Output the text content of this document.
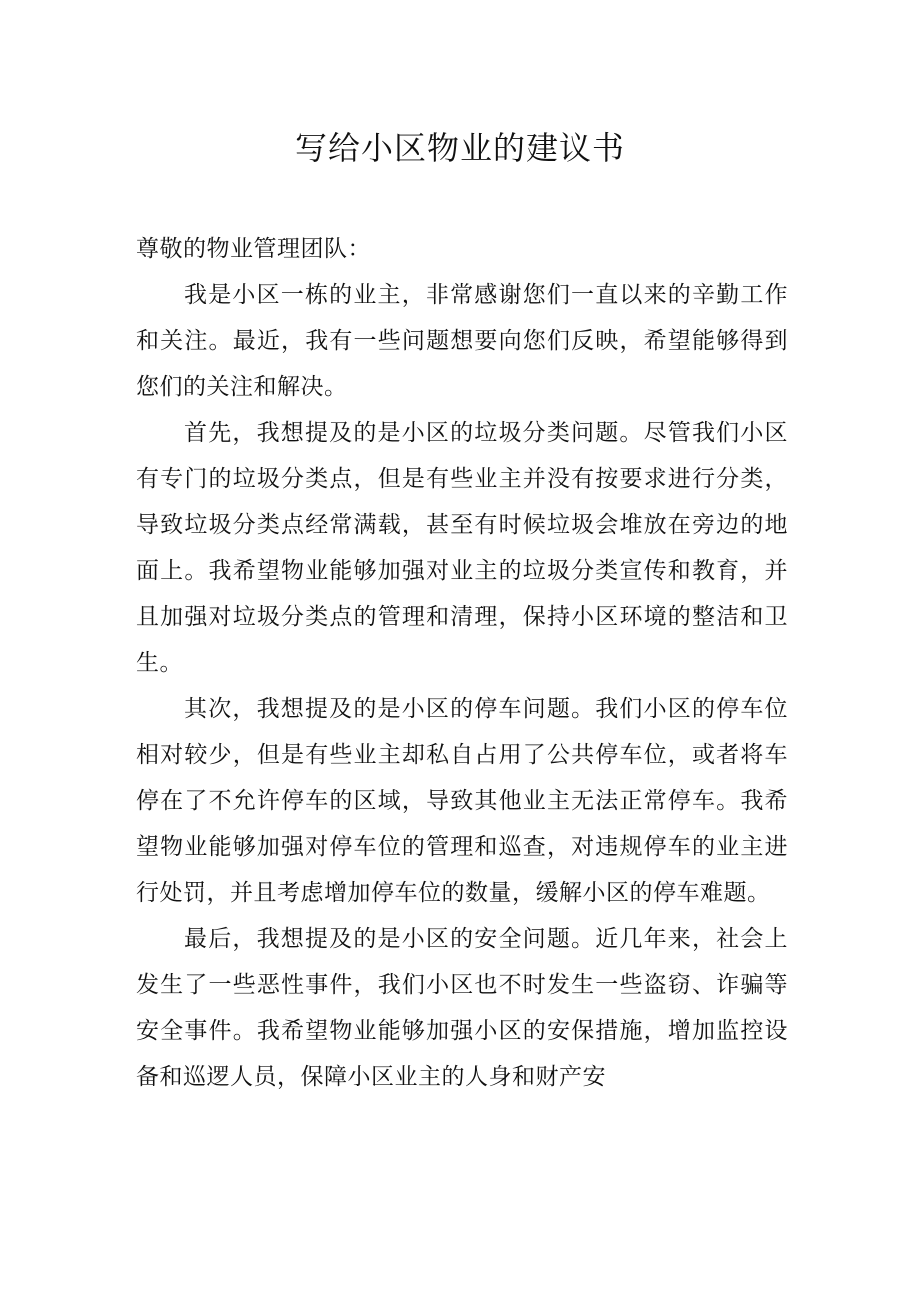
写给小区物业的建议书

尊敬的物业管理团队：

我是小区一栋的业主，非常感谢您们一直以来的辛勤工作和关注。最近，我有一些问题想要向您们反映，希望能够得到您们的关注和解决。

首先，我想提及的是小区的垃圾分类问题。尽管我们小区有专门的垃圾分类点，但是有些业主并没有按要求进行分类，导致垃圾分类点经常满载，甚至有时候垃圾会堆放在旁边的地面上。我希望物业能够加强对业主的垃圾分类宣传和教育，并且加强对垃圾分类点的管理和清理，保持小区环境的整洁和卫生。

其次，我想提及的是小区的停车问题。我们小区的停车位相对较少，但是有些业主却私自占用了公共停车位，或者将车停在了不允许停车的区域，导致其他业主无法正常停车。我希望物业能够加强对停车位的管理和巡查，对违规停车的业主进行处罚，并且考虑增加停车位的数量，缓解小区的停车难题。

最后，我想提及的是小区的安全问题。近几年来，社会上发生了一些恶性事件，我们小区也不时发生一些盗窃、诈骗等安全事件。我希望物业能够加强小区的安保措施，增加监控设备和巡逻人员，保障小区业主的人身和财产安
